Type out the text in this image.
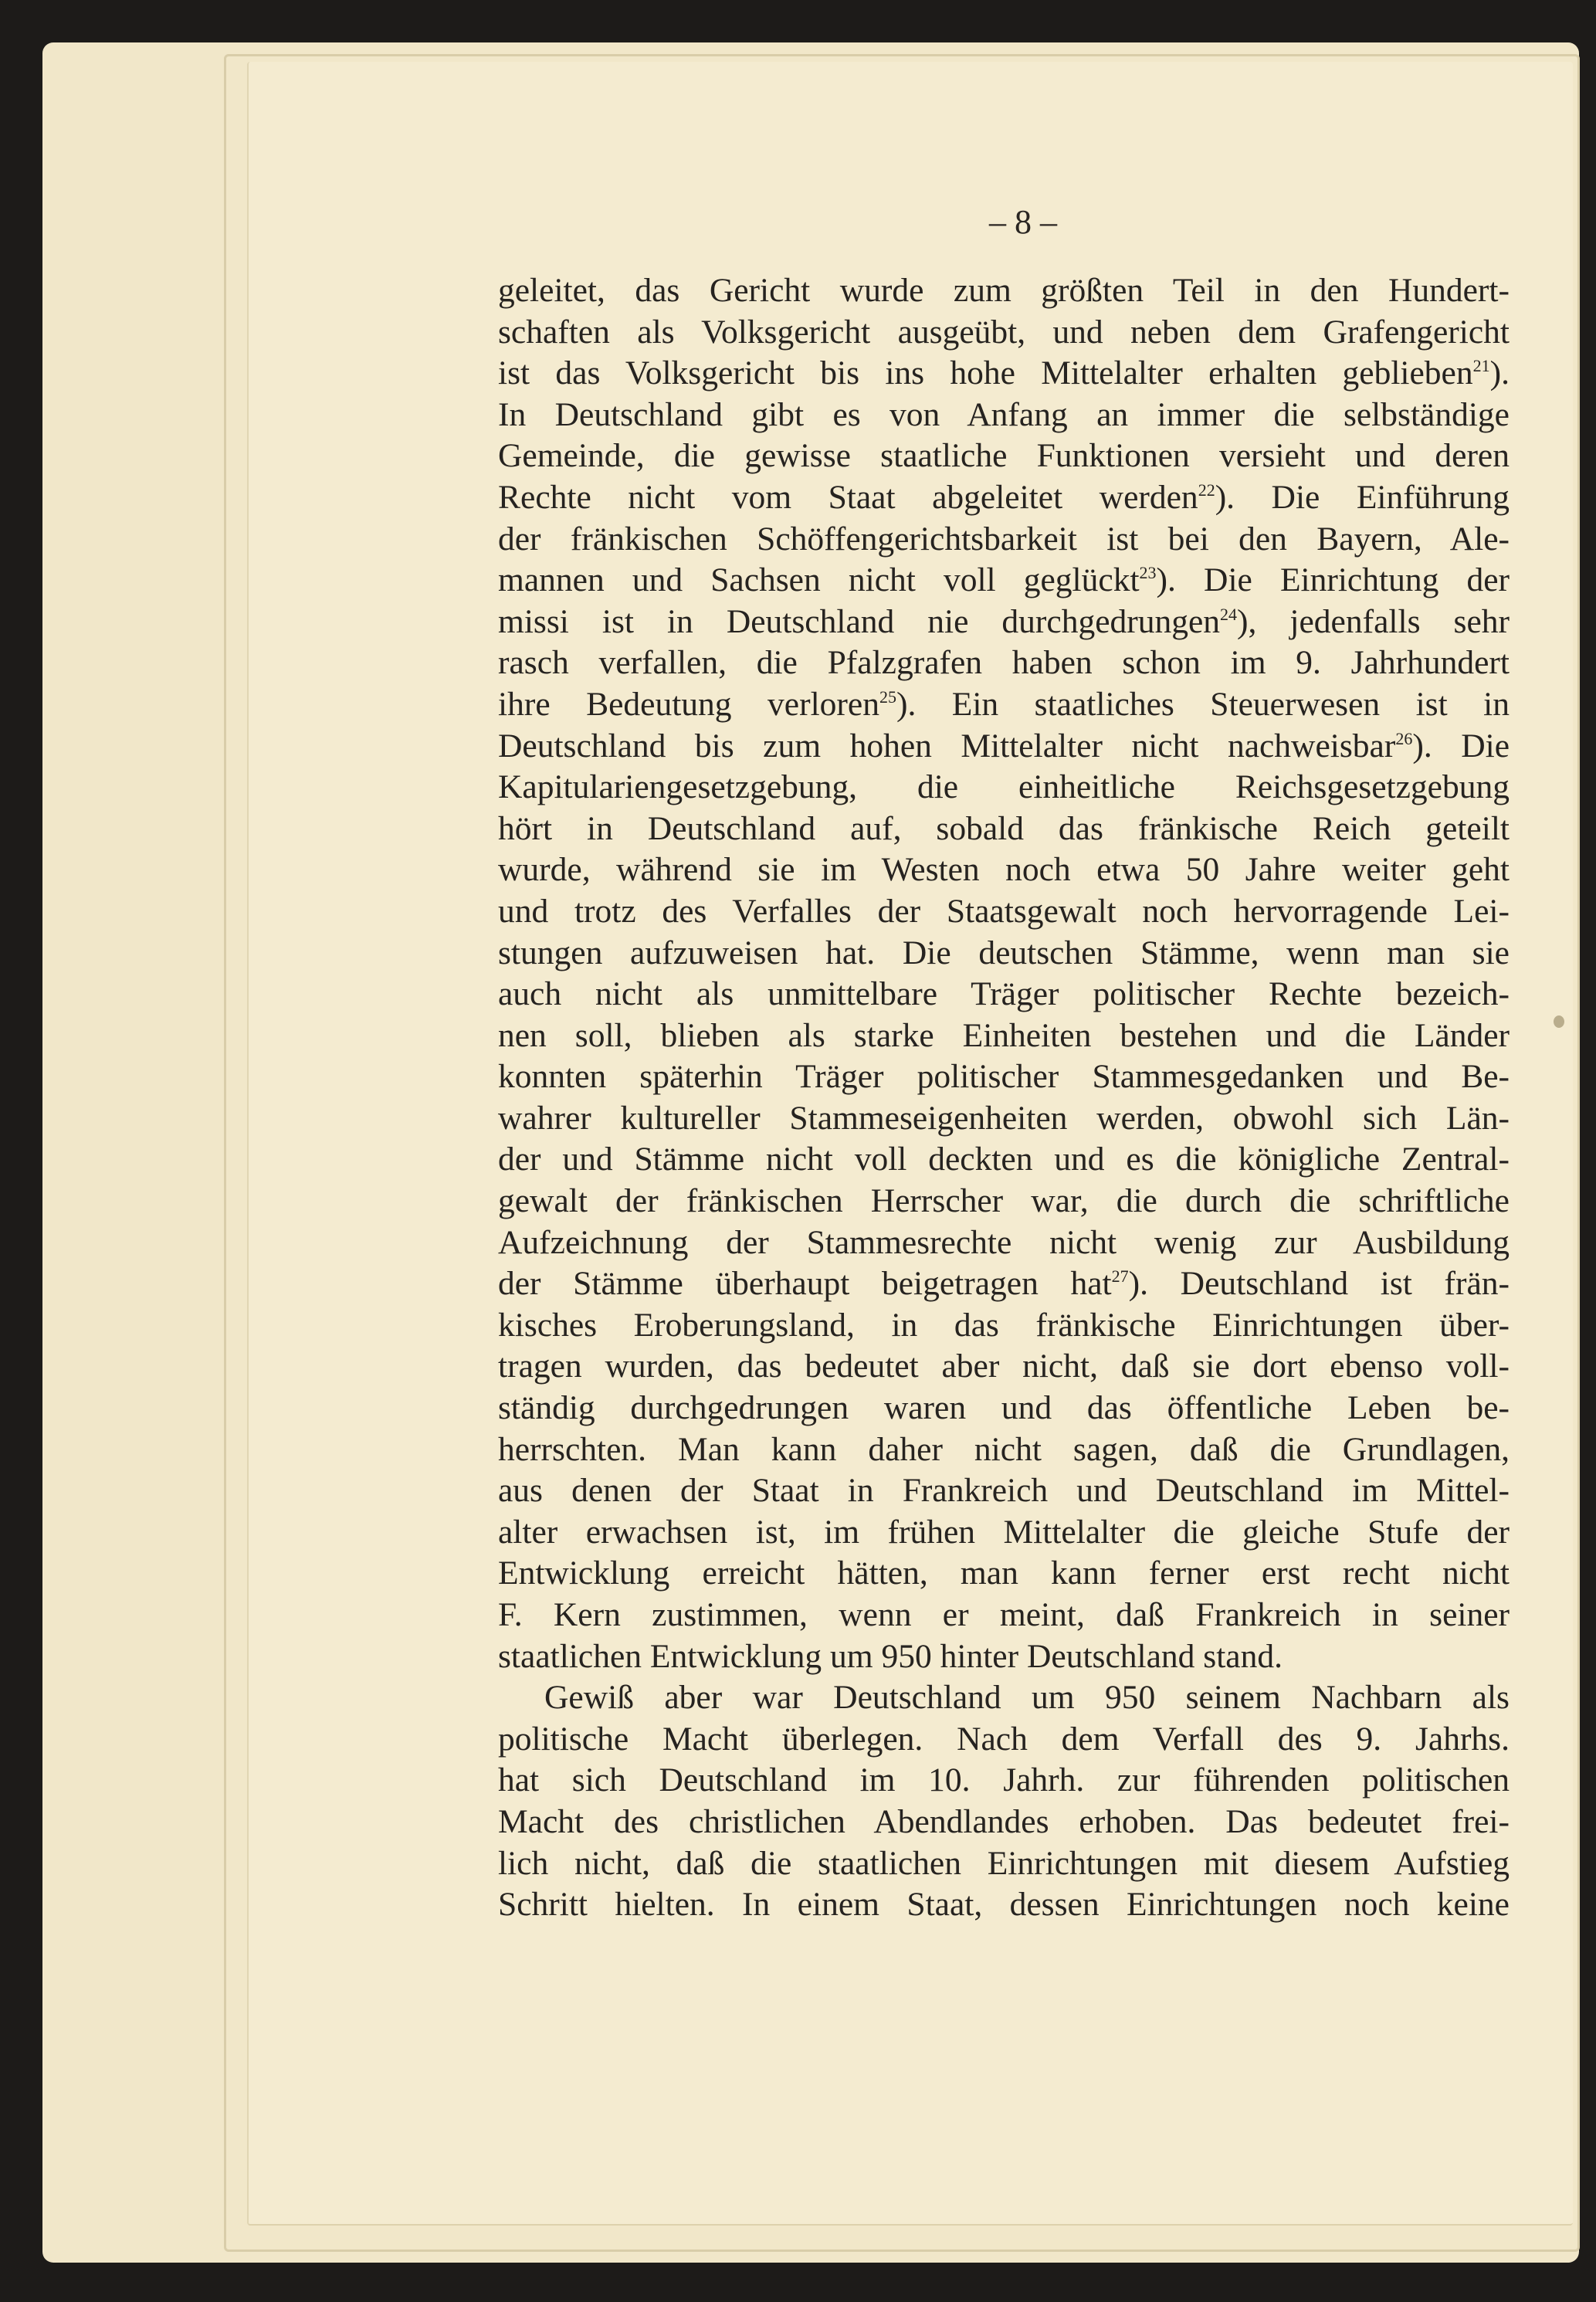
– 8 –
geleitet, das Gericht wurde zum größten Teil in den Hundert-
schaften als Volksgericht ausgeübt, und neben dem Grafengericht
ist das Volksgericht bis ins hohe Mittelalter erhalten geblieben$^{21}$).
In Deutschland gibt es von Anfang an immer die selbständige
Gemeinde, die gewisse staatliche Funktionen versieht und deren
Rechte nicht vom Staat abgeleitet werden$^{22}$). Die Einführung
der fränkischen Schöffengerichtsbarkeit ist bei den Bayern, Ale-
mannen und Sachsen nicht voll geglückt$^{23}$). Die Einrichtung der
missi ist in Deutschland nie durchgedrungen$^{24}$), jedenfalls sehr
rasch verfallen, die Pfalzgrafen haben schon im 9. Jahrhundert
ihre Bedeutung verloren$^{25}$). Ein staatliches Steuerwesen ist in
Deutschland bis zum hohen Mittelalter nicht nachweisbar$^{26}$). Die
Kapitulariengesetzgebung, die einheitliche Reichsgesetzgebung
hört in Deutschland auf, sobald das fränkische Reich geteilt
wurde, während sie im Westen noch etwa 50 Jahre weiter geht
und trotz des Verfalles der Staatsgewalt noch hervorragende Lei-
stungen aufzuweisen hat. Die deutschen Stämme, wenn man sie
auch nicht als unmittelbare Träger politischer Rechte bezeich-
nen soll, blieben als starke Einheiten bestehen und die Länder
konnten späterhin Träger politischer Stammesgedanken und Be-
wahrer kultureller Stammeseigenheiten werden, obwohl sich Län-
der und Stämme nicht voll deckten und es die königliche Zentral-
gewalt der fränkischen Herrscher war, die durch die schriftliche
Aufzeichnung der Stammesrechte nicht wenig zur Ausbildung
der Stämme überhaupt beigetragen hat$^{27}$). Deutschland ist frän-
kisches Eroberungsland, in das fränkische Einrichtungen über-
tragen wurden, das bedeutet aber nicht, daß sie dort ebenso voll-
ständig durchgedrungen waren und das öffentliche Leben be-
herrschten. Man kann daher nicht sagen, daß die Grundlagen,
aus denen der Staat in Frankreich und Deutschland im Mittel-
alter erwachsen ist, im frühen Mittelalter die gleiche Stufe der
Entwicklung erreicht hätten, man kann ferner erst recht nicht
F. Kern zustimmen, wenn er meint, daß Frankreich in seiner
staatlichen Entwicklung um 950 hinter Deutschland stand.
Gewiß aber war Deutschland um 950 seinem Nachbarn als
politische Macht überlegen. Nach dem Verfall des 9. Jahrhs.
hat sich Deutschland im 10. Jahrh. zur führenden politischen
Macht des christlichen Abendlandes erhoben. Das bedeutet frei-
lich nicht, daß die staatlichen Einrichtungen mit diesem Aufstieg
Schritt hielten. In einem Staat, dessen Einrichtungen noch keine
